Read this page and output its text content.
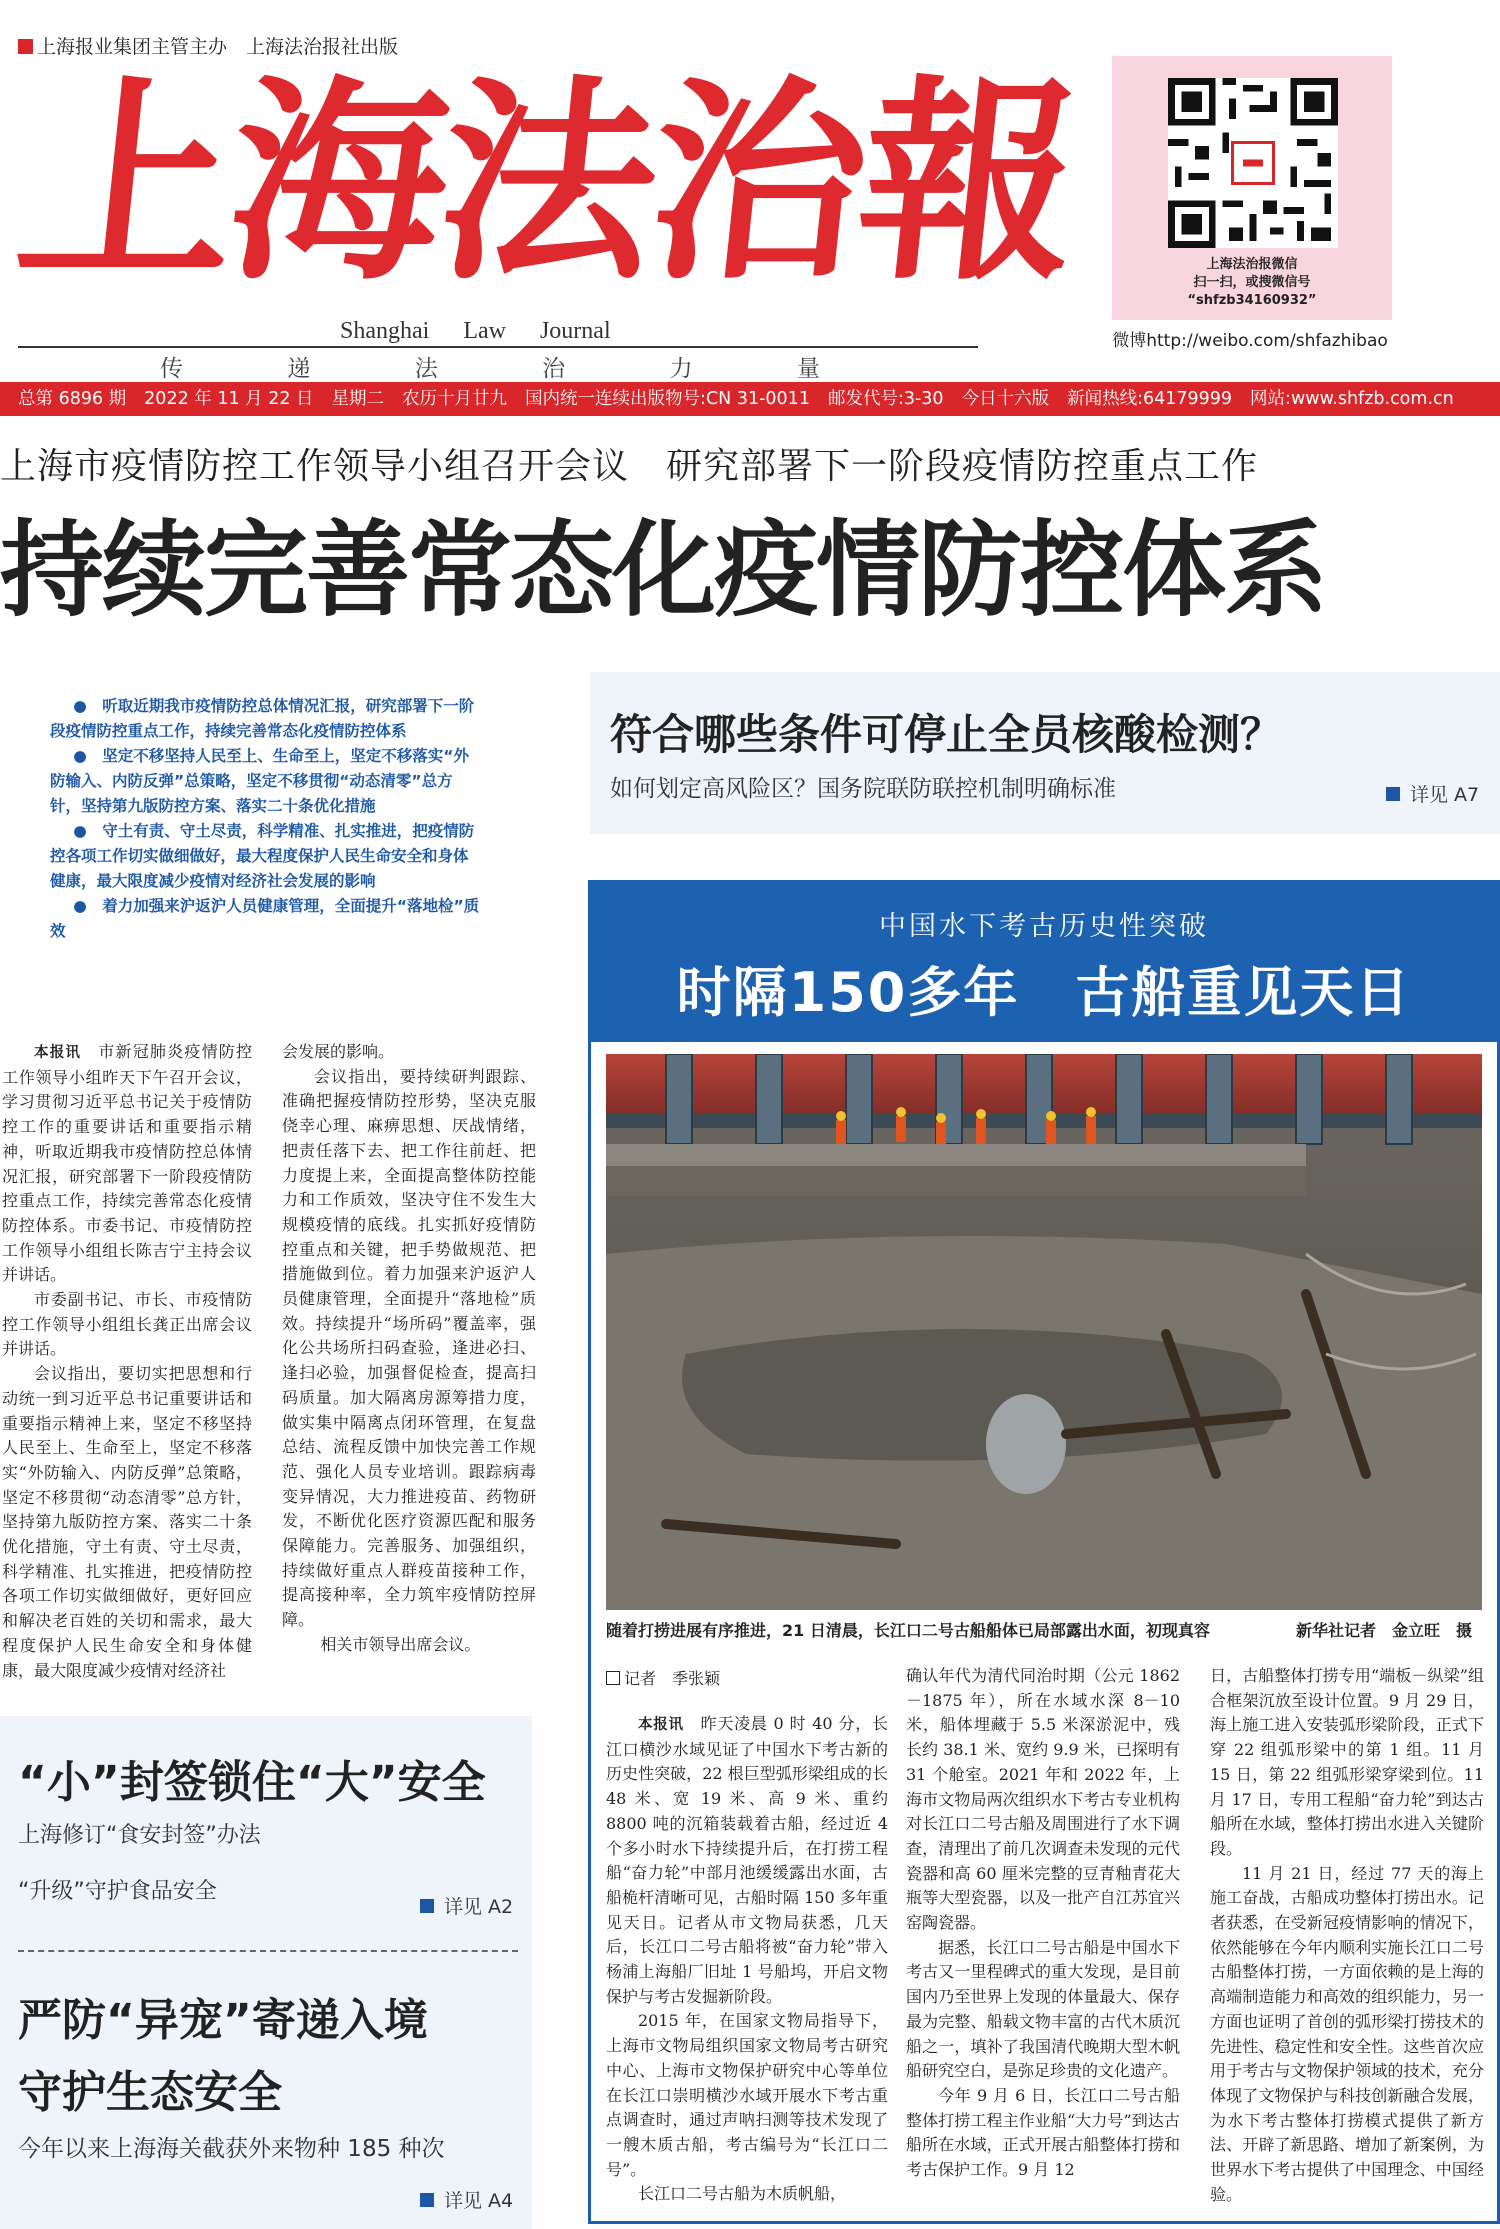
上海报业集团主管主办　上海法治报社出版
上海法治報
Shanghai Law Journal
传	递	法	治	力	量
上海法治报微信
扫一扫，或搜微信号
“shfzb34160932”
微博http://weibo.com/shfazhibao
总第 6896 期 2022 年 11 月 22 日 星期二 农历十月廿九 国内统一连续出版物号:CN 31-0011 邮发代号:3-30 今日十六版 新闻热线:64179999 网站:www.shfzb.com.cn
上海市疫情防控工作领导小组召开会议　研究部署下一阶段疫情防控重点工作
持续完善常态化疫情防控体系

●　听取近期我市疫情防控总体情况汇报，研究部署下一阶段疫情防控重点工作，持续完善常态化疫情防控体系

●　坚定不移坚持人民至上、生命至上，坚定不移落实“外防输入、内防反弹”总策略，坚定不移贯彻“动态清零”总方针，坚持第九版防控方案、落实二十条优化措施

●　守土有责、守土尽责，科学精准、扎实推进，把疫情防控各项工作切实做细做好，最大程度保护人民生命安全和身体健康，最大限度减少疫情对经济社会发展的影响

●　着力加强来沪返沪人员健康管理，全面提升“落地检”质效

本报讯　 市新冠肺炎疫情防控工作领导小组昨天下午召开会议，学习贯彻习近平总书记关于疫情防控工作的重要讲话和重要指示精神，听取近期我市疫情防控总体情况汇报，研究部署下一阶段疫情防控重点工作，持续完善常态化疫情防控体系。市委书记、市疫情防控工作领导小组组长陈吉宁主持会议并讲话。

市委副书记、市长、市疫情防控工作领导小组组长龚正出席会议并讲话。

会议指出，要切实把思想和行动统一到习近平总书记重要讲话和重要指示精神上来，坚定不移坚持人民至上、生命至上，坚定不移落实“外防输入、内防反弹”总策略，坚定不移贯彻“动态清零”总方针，坚持第九版防控方案、落实二十条优化措施，守土有责、守土尽责，科学精准、扎实推进，把疫情防控各项工作切实做细做好，更好回应和解决老百姓的关切和需求，最大程度保护人民生命安全和身体健康，最大限度减少疫情对经济社

会发展的影响。

会议指出，要持续研判跟踪、准确把握疫情防控形势，坚决克服侥幸心理、麻痹思想、厌战情绪，把责任落下去、把工作往前赶、把力度提上来，全面提高整体防控能力和工作质效，坚决守住不发生大规模疫情的底线。扎实抓好疫情防控重点和关键，把手势做规范、把措施做到位。着力加强来沪返沪人员健康管理，全面提升“落地检”质效。持续提升“场所码”覆盖率，强化公共场所扫码查验，逢进必扫、逢扫必验，加强督促检查，提高扫码质量。加大隔离房源筹措力度，做实集中隔离点闭环管理，在复盘总结、流程反馈中加快完善工作规范、强化人员专业培训。跟踪病毒变异情况，大力推进疫苗、药物研发，不断优化医疗资源匹配和服务保障能力。完善服务、加强组织，持续做好重点人群疫苗接种工作，提高接种率，全力筑牢疫情防控屏障。

相关市领导出席会议。

符合哪些条件可停止全员核酸检测？
如何划定高风险区？国务院联防联控机制明确标准	详见 A7
中国水下考古历史性突破
时隔150多年　古船重见天日
随着打捞进展有序推进，21 日清晨，长江口二号古船船体已局部露出水面，初现真容	新华社记者　金立旺　摄
记者　季张颖

本报讯　 昨天凌晨 0 时 40 分，长江口横沙水域见证了中国水下考古新的历史性突破，22 根巨型弧形梁组成的长 48 米、宽 19 米、高 9 米、重约 8800 吨的沉箱装载着古船，经过近 4 个多小时水下持续提升后，在打捞工程船“奋力轮”中部月池缓缓露出水面，古船桅杆清晰可见，古船时隔 150 多年重见天日。记者从市文物局获悉，几天后，长江口二号古船将被“奋力轮”带入杨浦上海船厂旧址 1 号船坞，开启文物保护与考古发掘新阶段。

2015 年，在国家文物局指导下，上海市文物局组织国家文物局考古研究中心、上海市文物保护研究中心等单位在长江口崇明横沙水域开展水下考古重点调查时，通过声呐扫测等技术发现了一艘木质古船，考古编号为“长江口二号”。

长江口二号古船为木质帆船，

确认年代为清代同治时期（公元 1862－1875 年），所在水域水深 8－10 米，船体埋藏于 5.5 米深淤泥中，残长约 38.1 米、宽约 9.9 米，已探明有 31 个舱室。2021 年和 2022 年，上海市文物局两次组织水下考古专业机构对长江口二号古船及周围进行了水下调查，清理出了前几次调查未发现的元代瓷器和高 60 厘米完整的豆青釉青花大瓶等大型瓷器，以及一批产自江苏宜兴窑陶瓷器。

据悉，长江口二号古船是中国水下考古又一里程碑式的重大发现，是目前国内乃至世界上发现的体量最大、保存最为完整、船载文物丰富的古代木质沉船之一，填补了我国清代晚期大型木帆船研究空白，是弥足珍贵的文化遗产。

今年 9 月 6 日，长江口二号古船整体打捞工程主作业船“大力号”到达古船所在水域，正式开展古船整体打捞和考古保护工作。9 月 12

日，古船整体打捞专用“端板－纵梁”组合框架沉放至设计位置。9 月 29 日，海上施工进入安装弧形梁阶段，正式下穿 22 组弧形梁中的第 1 组。11 月 15 日，第 22 组弧形梁穿梁到位。11 月 17 日，专用工程船“奋力轮”到达古船所在水域，整体打捞出水进入关键阶段。

11 月 21 日，经过 77 天的海上施工奋战，古船成功整体打捞出水。记者获悉，在受新冠疫情影响的情况下，依然能够在今年内顺利实施长江口二号古船整体打捞，一方面依赖的是上海的高端制造能力和高效的组织能力，另一方面也证明了首创的弧形梁打捞技术的先进性、稳定性和安全性。这些首次应用于考古与文物保护领域的技术，充分体现了文物保护与科技创新融合发展，为水下考古整体打捞模式提供了新方法、开辟了新思路、增加了新案例，为世界水下考古提供了中国理念、中国经验。

“小”封签锁住“大”安全
上海修订“食安封签”办法
“升级”守护食品安全
详见 A2
严防“异宠”寄递入境
守护生态安全
今年以来上海海关截获外来物种 185 种次
详见 A4
